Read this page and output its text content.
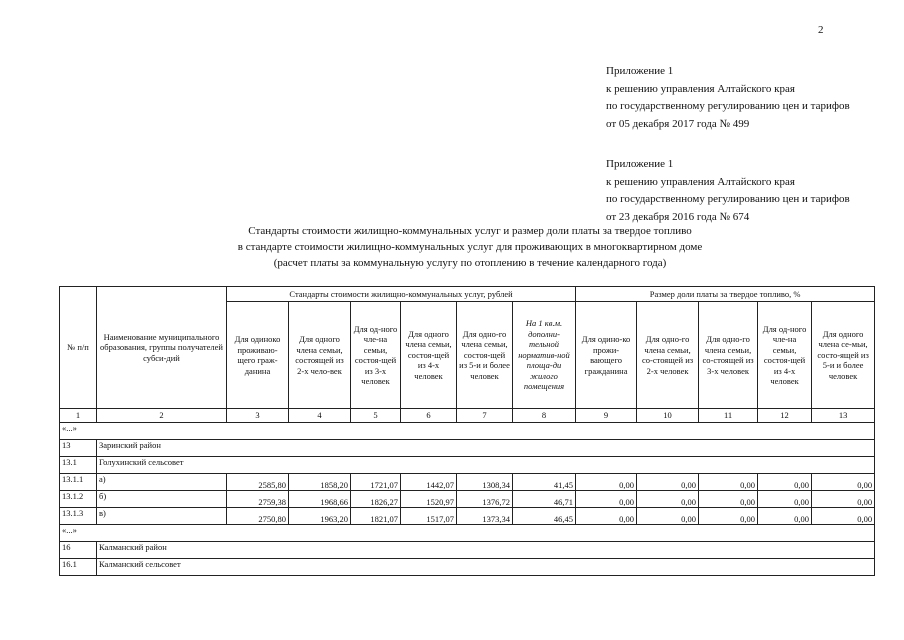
2
Приложение 1
к решению управления Алтайского края
по государственному регулированию цен и тарифов
от 05 декабря 2017 года № 499
Приложение 1
к решению управления Алтайского края
по государственному регулированию цен и тарифов
от 23 декабря 2016 года № 674
Стандарты стоимости жилищно-коммунальных услуг и размер доли платы за твердое топливо
в стандарте стоимости жилищно-коммунальных услуг для проживающих в многоквартирном доме
(расчет платы за коммунальную услугу по отоплению в течение календарного года)
№ п/п	Наименование муниципального образования, группы получателей субси-дий	Стандарты стоимости жилищно-коммунальных услуг, рублей						Размер доли платы за твердое топливо, %				
		Для одиноко проживаю-щего граж-данина	Для одного члена семьи, состоящей из 2-х чело-век	Для од-ного чле-на семьи, состоя-щей из 3-х человек	Для одного члена семьи, состоя-щей из 4-х человек	Для одно-го члена семьи, состоя-щей из 5-и и более человек	На 1 кв.м. дополни-тельной норматив-ной площа-ди жилого помещения	Для одино-ко прожи-вающего гражданина	Для одно-го члена семьи, со-стоящей из 2-х человек	Для одно-го члена семьи, со-стоящей из 3-х человек	Для од-ного чле-на семьи, состоя-щей из 4-х человек	Для одного члена се-мьи, состо-ящей из 5-и и более человек
1	2	3	4	5	6	7	8	9	10	11	12	13
«...»												
13	Заринский район											
13.1	Голухинский сельсовет											
13.1.1	а)	2585,80	1858,20	1721,07	1442,07	1308,34	41,45	0,00	0,00	0,00	0,00	0,00
13.1.2	б)	2759,38	1968,66	1826,27	1520,97	1376,72	46,71	0,00	0,00	0,00	0,00	0,00
13.1.3	в)	2750,80	1963,20	1821,07	1517,07	1373,34	46,45	0,00	0,00	0,00	0,00	0,00
«...»												
16	Калманский район											
16.1	Калманский сельсовет											
